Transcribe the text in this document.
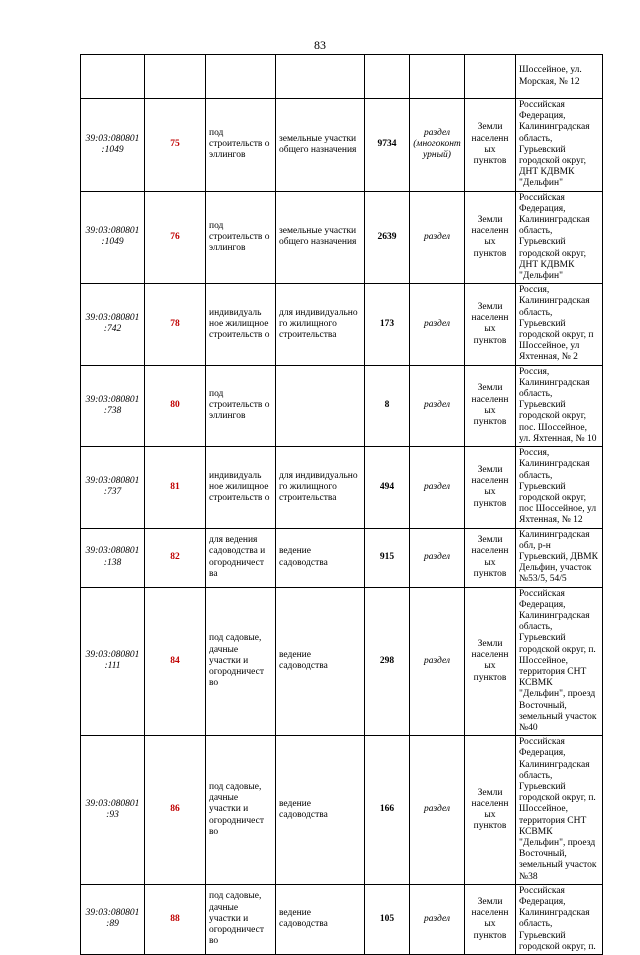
83
							Шоссейное, ул. Морская, № 12
39:03:080801 :1049	75	под строительств о эллингов	земельные участки общего назначения	9734	раздел (многоконт урный)	Земли населенн ых пунктов	Российская Федерация, Калининградская область, Гурьевский городской округ, ДНТ КДВМК "Дельфин"
39:03:080801 :1049	76	под строительств о эллингов	земельные участки общего назначения	2639	раздел	Земли населенн ых пунктов	Российская Федерация, Калининградская область, Гурьевский городской округ, ДНТ КДВМК "Дельфин"
39:03:080801 :742	78	индивидуаль ное жилищное строительств о	для индивидуально го жилищного строительства	173	раздел	Земли населенн ых пунктов	Россия, Калининградская область, Гурьевский городской округ, п Шоссейное, ул Яхтенная, № 2
39:03:080801 :738	80	под строительств о эллингов		8	раздел	Земли населенн ых пунктов	Россия, Калининградская область, Гурьевский городской округ, пос. Шоссейное, ул. Яхтенная, № 10
39:03:080801 :737	81	индивидуаль ное жилищное строительств о	для индивидуально го жилищного строительства	494	раздел	Земли населенн ых пунктов	Россия, Калининградская область, Гурьевский городской округ, пос Шоссейное, ул Яхтенная, № 12
39:03:080801 :138	82	для ведения садоводства и огородничест ва	ведение садоводства	915	раздел	Земли населенн ых пунктов	Калининградская обл, р-н Гурьевский, ДВМК Дельфин, участок №53/5, 54/5
39:03:080801 :111	84	под садовые, дачные участки и огородничест во	ведение садоводства	298	раздел	Земли населенн ых пунктов	Российская Федерация, Калининградская область, Гурьевский городской округ, п. Шоссейное, территория СНТ КСВМК "Дельфин", проезд Восточный, земельный участок №40
39:03:080801 :93	86	под садовые, дачные участки и огородничест во	ведение садоводства	166	раздел	Земли населенн ых пунктов	Российская Федерация, Калининградская область, Гурьевский городской округ, п. Шоссейное, территория СНТ КСВМК "Дельфин", проезд Восточный, земельный участок №38
39:03:080801 :89	88	под садовые, дачные участки и огородничест во	ведение садоводства	105	раздел	Земли населенн ых пунктов	Российская Федерация, Калининградская область, Гурьевский городской округ, п.
